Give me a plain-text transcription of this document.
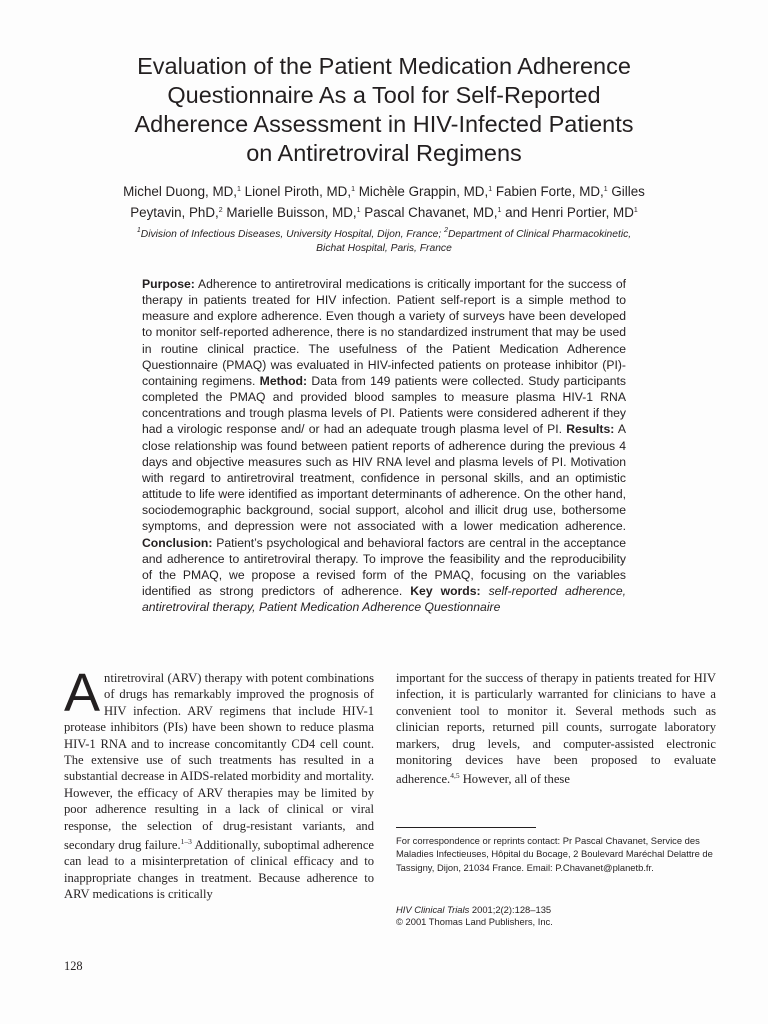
Evaluation of the Patient Medication Adherence
Questionnaire As a Tool for Self-Reported
Adherence Assessment in HIV-Infected Patients
on Antiretroviral Regimens
Michel Duong, MD,$^1$ Lionel Piroth, MD,$^1$ Michèle Grappin, MD,$^1$ Fabien Forte, MD,$^1$ Gilles
Peytavin, PhD,$^2$ Marielle Buisson, MD,$^1$ Pascal Chavanet, MD,$^1$ and Henri Portier, $MD^1$
$^1$Division of Infectious Diseases, University Hospital, Dijon, France; $^2$Department of Clinical Pharmacokinetic,
Bichat Hospital, Paris, France

Purpose: Adherence to antiretroviral medications is critically important for the success of therapy in patients treated for HIV infection. Patient self-report is a simple method to measure and explore adherence. Even though a variety of surveys have been developed to monitor self-reported adherence, there is no standardized instrument that may be used in routine clinical practice. The usefulness of the Patient Medication Adherence Questionnaire (PMAQ) was evaluated in HIV-infected patients on protease inhibitor (PI)-containing regimens. Method: Data from 149 patients were collected. Study participants completed the PMAQ and provided blood samples to measure plasma HIV-1 RNA concentrations and trough plasma levels of PI. Patients were considered adherent if they had a virologic response and/ or had an adequate trough plasma level of PI. Results: A close relationship was found between patient reports of adherence during the previous 4 days and objective measures such as HIV RNA level and plasma levels of PI. Motivation with regard to antiretroviral treatment, confidence in personal skills, and an optimistic attitude to life were identified as important determinants of adherence. On the other hand, sociodemographic background, social support, alcohol and illicit drug use, bothersome symptoms, and depression were not associated with a lower medication adherence. Conclusion: Patient’s psychological and behavioral factors are central in the acceptance and adherence to antiretroviral therapy. To improve the feasibility and the reproducibility of the PMAQ, we propose a revised form of the PMAQ, focusing on the variables identified as strong predictors of adherence. Key words: self-reported adherence, antiretroviral therapy, Patient Medication Adherence Questionnaire

Antiretroviral (ARV) therapy with potent combinations of drugs has remarkably improved the prognosis of HIV infection. ARV regimens that include HIV-1 protease inhibitors (PIs) have been shown to reduce plasma HIV-1 RNA and to increase concomitantly CD4 cell count. The extensive use of such treatments has resulted in a substantial decrease in AIDS-related morbidity and mortality. However, the efficacy of ARV therapies may be limited by poor adherence resulting in a lack of clinical or viral response, the selection of drug-resistant variants, and secondary drug failure.$^{1-3}$ Additionally, suboptimal adherence can lead to a misinterpretation of clinical efficacy and to inappropriate changes in treatment. Because adherence to ARV medications is critically

important for the success of therapy in patients treated for HIV infection, it is particularly warranted for clinicians to have a convenient tool to monitor it. Several methods such as clinician reports, returned pill counts, surrogate laboratory markers, drug levels, and computer-assisted electronic monitoring devices have been proposed to evaluate adherence.$^{4,5}$ However, all of these

For correspondence or reprints contact: Pr Pascal Chavanet, Service des Maladies Infectieuses, Hôpital du Bocage, 2 Boulevard Maréchal Delattre de Tassigny, Dijon, 21034 France. Email: P.Chavanet@planetb.fr.

HIV Clinical Trials 2001;2(2):128–135
© 2001 Thomas Land Publishers, Inc.
128
